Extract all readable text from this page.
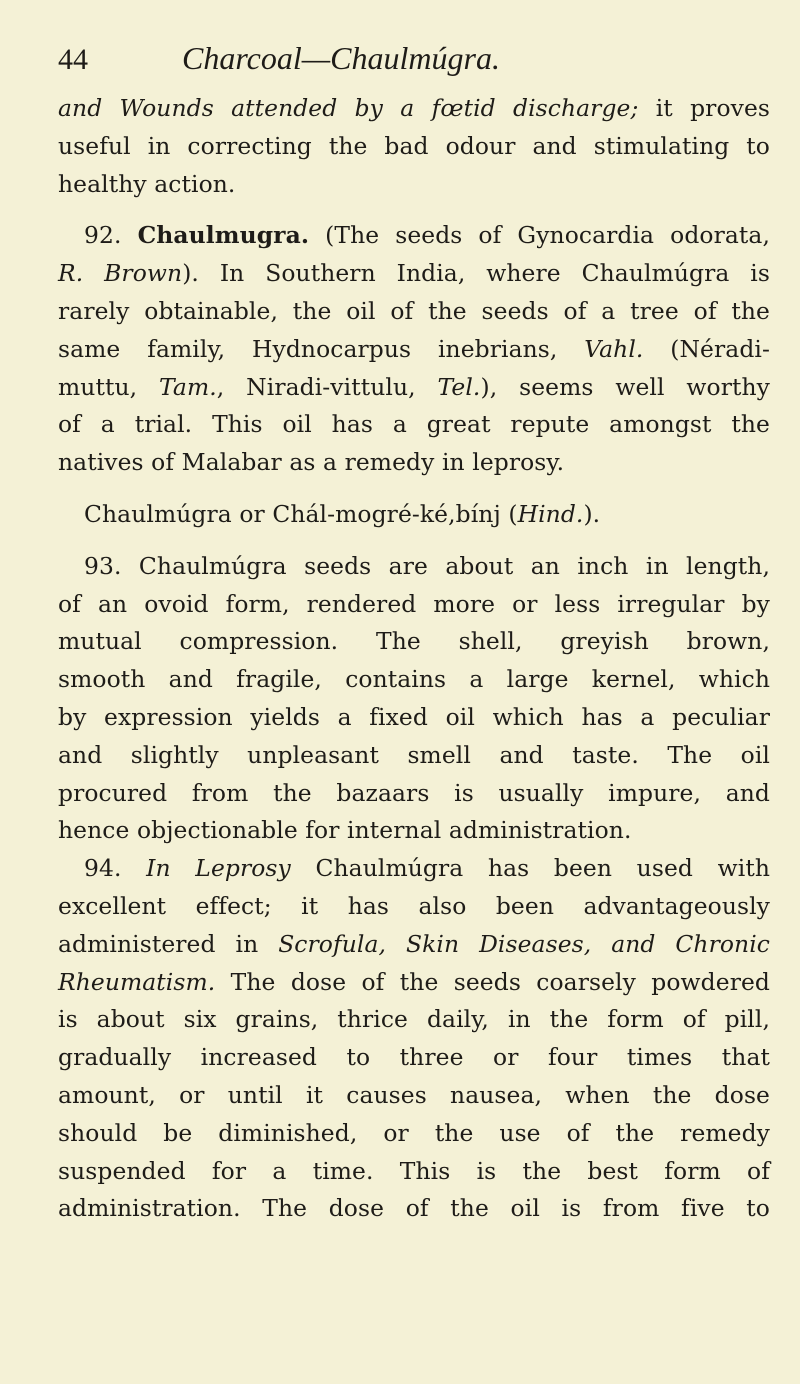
44	Charcoal—Chaulmúgra.
and Wounds attended by a fœtid discharge; it proves
useful in correcting the bad odour and stimulating to
healthy action.
92. Chaulmugra. (The seeds of Gynocardia odorata,
R. Brown). In Southern India, where Chaulmúgra is
rarely obtainable, the oil of the seeds of a tree of the
same family, Hydnocarpus inebrians, Vahl. (Néradi-
muttu, Tam., Niradi-vittulu, Tel.), seems well worthy
of a trial. This oil has a great repute amongst the
natives of Malabar as a remedy in leprosy.
Chaulmúgra or Chál-mogré-ké,bínj (Hind.).
93. Chaulmúgra seeds are about an inch in length,
of an ovoid form, rendered more or less irregular by
mutual compression. The shell, greyish brown,
smooth and fragile, contains a large kernel, which
by expression yields a fixed oil which has a peculiar
and slightly unpleasant smell and taste. The oil
procured from the bazaars is usually impure, and
hence objectionable for internal administration.
94. In Leprosy Chaulmúgra has been used with
excellent effect; it has also been advantageously
administered in Scrofula, Skin Diseases, and Chronic
Rheumatism. The dose of the seeds coarsely powdered
is about six grains, thrice daily, in the form of pill,
gradually increased to three or four times that
amount, or until it causes nausea, when the dose
should be diminished, or the use of the remedy
suspended for a time. This is the best form of
administration. The dose of the oil is from five to
